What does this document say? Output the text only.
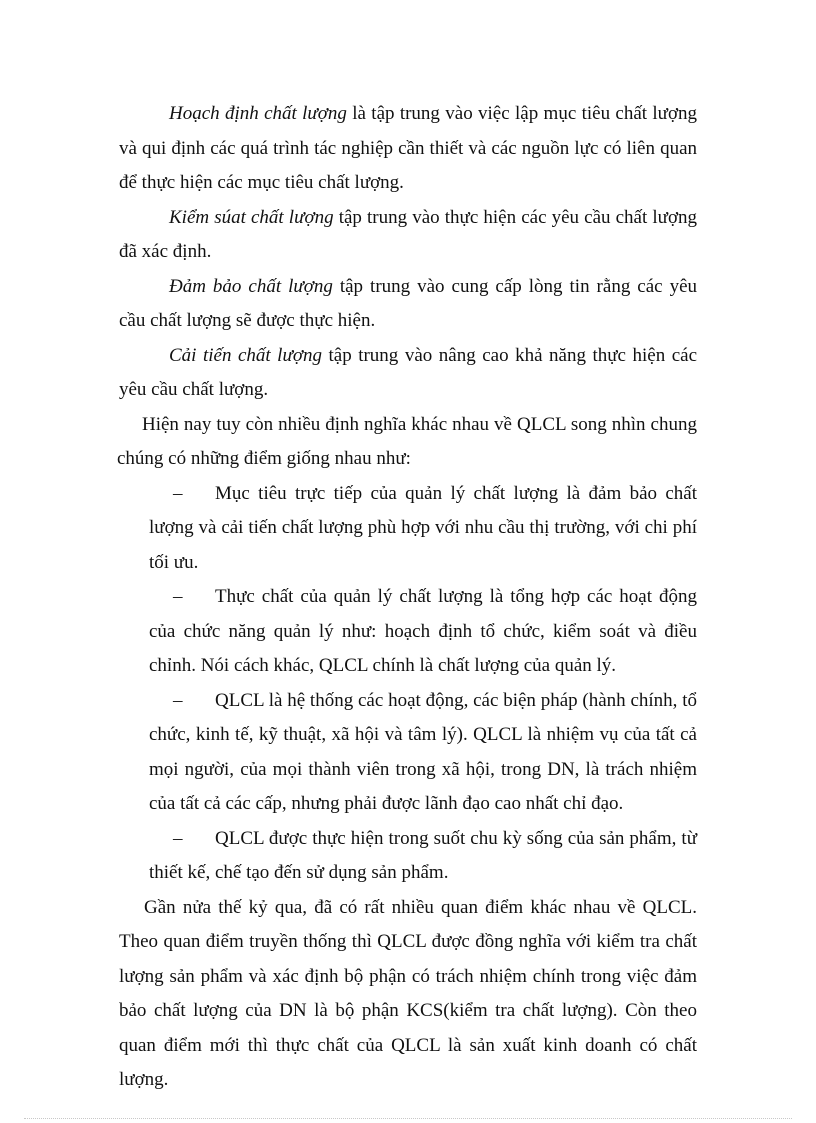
Hoạch định chất lượng là tập trung vào việc lập mục tiêu chất lượng và qui định các quá trình tác nghiệp cần thiết và các nguồn lực có liên quan để thực hiện các mục tiêu chất lượng.

Kiểm súat chất lượng tập trung vào thực hiện các yêu cầu chất lượng đã xác định.

Đảm bảo chất lượng tập trung vào cung cấp lòng tin rằng các yêu cầu chất lượng sẽ được thực hiện.

Cải tiến chất lượng tập trung vào nâng cao khả năng thực hiện các yêu cầu chất lượng.

Hiện nay tuy còn nhiều định nghĩa khác nhau về QLCL song nhìn chung chúng có những điểm giống nhau như:

– Mục tiêu trực tiếp của quản lý chất lượng là đảm bảo chất lượng và cải tiến chất lượng phù hợp với nhu cầu thị trường, với chi phí tối ưu.

– Thực chất của quản lý chất lượng là tổng hợp các hoạt động của chức năng quản lý như: hoạch định tổ chức, kiểm soát và điều chỉnh. Nói cách khác, QLCL chính là chất lượng của quản lý.

– QLCL là hệ thống các hoạt động, các biện pháp (hành chính, tổ chức, kinh tế, kỹ thuật, xã hội và tâm lý). QLCL là nhiệm vụ của tất cả mọi người, của mọi thành viên trong xã hội, trong DN, là trách nhiệm của tất cả các cấp, nhưng phải được lãnh đạo cao nhất chỉ đạo.

– QLCL được thực hiện trong suốt chu kỳ sống của sản phẩm, từ thiết kế, chế tạo đến sử dụng sản phẩm.

Gần nửa thế kỷ qua, đã có rất nhiều quan điểm khác nhau về QLCL. Theo quan điểm truyền thống thì QLCL được đồng nghĩa với kiểm tra chất lượng sản phẩm và xác định bộ phận có trách nhiệm chính trong việc đảm bảo chất lượng của DN là bộ phận KCS(kiểm tra chất lượng). Còn theo quan điểm mới thì thực chất của QLCL là sản xuất kinh doanh có chất lượng.
